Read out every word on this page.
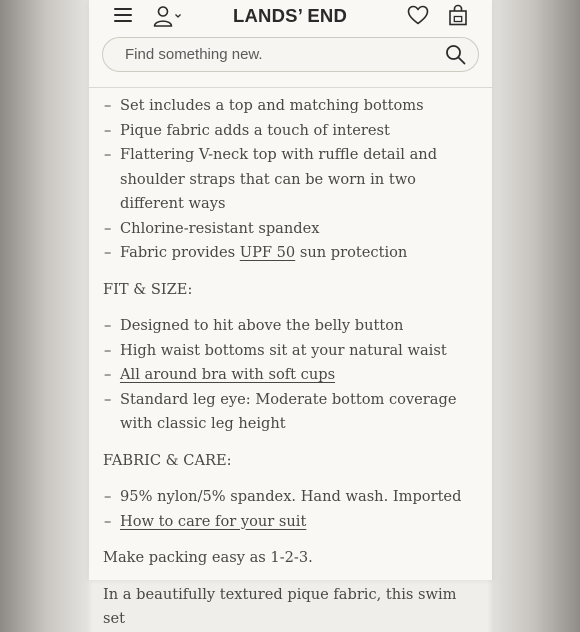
LANDS’ END
Find something new.
– Set includes a top and matching bottoms
– Pique fabric adds a touch of interest
– Flattering V-neck top with ruffle detail and shoulder straps that can be worn in two different ways
– Chlorine-resistant spandex
– Fabric provides UPF 50 sun protection
FIT & SIZE:
– Designed to hit above the belly button
– High waist bottoms sit at your natural waist
– All around bra with soft cups
– Standard leg eye: Moderate bottom coverage with classic leg height
FABRIC & CARE:
– 95% nylon/5% spandex. Hand wash. Imported
– How to care for your suit

Make packing easy as 1-2-3.

In a beautifully textured pique fabric, this swim set
